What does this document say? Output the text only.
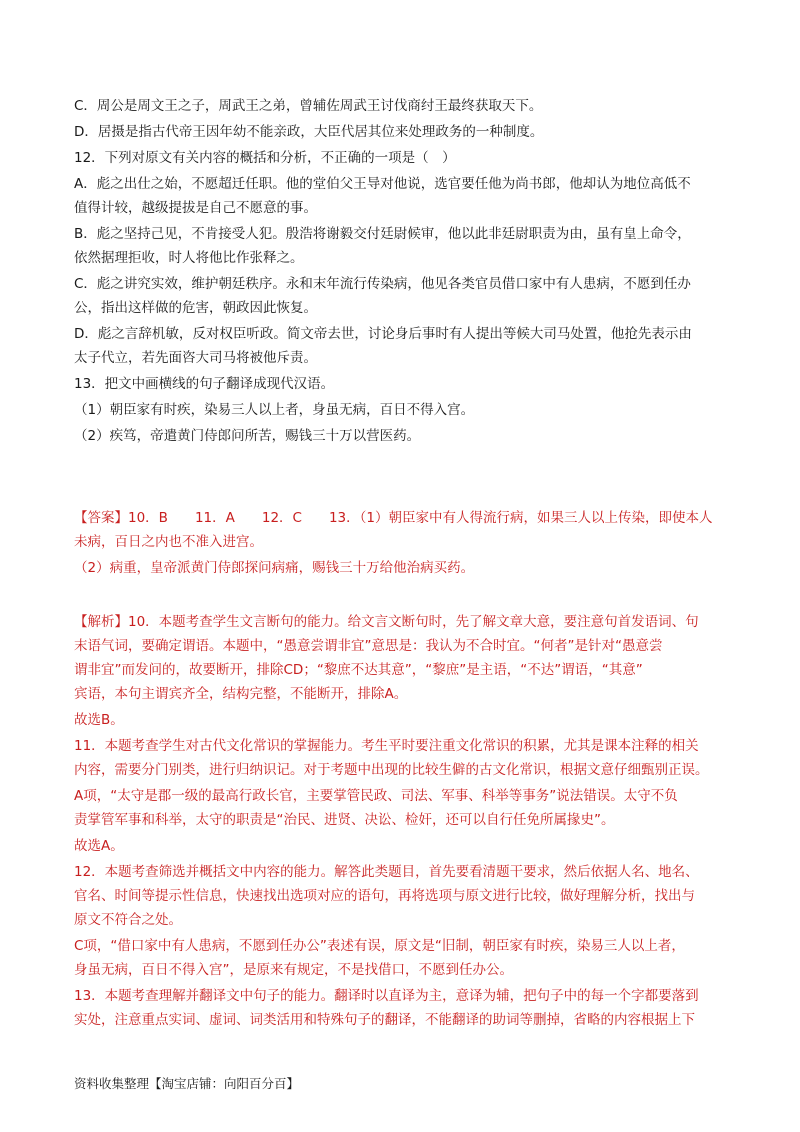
C．周公是周文王之子，周武王之弟，曾辅佐周武王讨伐商纣王最终获取天下。
D．居摄是指古代帝王因年幼不能亲政，大臣代居其位来处理政务的一种制度。
12．下列对原文有关内容的概括和分析，不正确的一项是（　）
A．彪之出仕之始，不愿超迁任职。他的堂伯父王导对他说，选官要任他为尚书郎，他却认为地位高低不
值得计较，越级提拔是自己不愿意的事。
B．彪之坚持己见，不肯接受人犯。殷浩将谢毅交付廷尉候审，他以此非廷尉职责为由，虽有皇上命令，
依然据理拒收，时人将他比作张释之。
C．彪之讲究实效，维护朝廷秩序。永和末年流行传染病，他见各类官员借口家中有人患病，不愿到任办
公，指出这样做的危害，朝政因此恢复。
D．彪之言辞机敏，反对权臣听政。简文帝去世，讨论身后事时有人提出等候大司马处置，他抢先表示由
太子代立，若先面咨大司马将被他斥责。
13．把文中画横线的句子翻译成现代汉语。
（1）朝臣家有时疾，染易三人以上者，身虽无病，百日不得入宫。
（2）疾笃，帝遣黄门侍郎问所苦，赐钱三十万以营医药。
【答案】10．B　　11．A　　12．C　　13．（1）朝臣家中有人得流行病，如果三人以上传染，即使本人
未病，百日之内也不准入进宫。
（2）病重，皇帝派黄门侍郎探问病痛，赐钱三十万给他治病买药。
【解析】10．本题考查学生文言断句的能力。给文言文断句时，先了解文章大意，要注意句首发语词、句
末语气词，要确定谓语。本题中，“愚意尝谓非宜”意思是：我认为不合时宜。“何者”是针对“愚意尝
谓非宜”而发问的，故要断开，排除CD；“黎庶不达其意”，“黎庶”是主语，“不达”谓语，“其意”
宾语，本句主谓宾齐全，结构完整，不能断开，排除A。
故选B。
11．本题考查学生对古代文化常识的掌握能力。考生平时要注重文化常识的积累，尤其是课本注释的相关
内容，需要分门别类，进行归纳识记。对于考题中出现的比较生僻的古文化常识，根据文意仔细甄别正误。
A项，“太守是郡一级的最高行政长官，主要掌管民政、司法、军事、科举等事务”说法错误。太守不负
责掌管军事和科举，太守的职责是“治民、进贤、决讼、检奸，还可以自行任免所属掾史”。
故选A。
12．本题考查筛选并概括文中内容的能力。解答此类题目，首先要看清题干要求，然后依据人名、地名、
官名、时间等提示性信息，快速找出选项对应的语句，再将选项与原文进行比较，做好理解分析，找出与
原文不符合之处。
C项，“借口家中有人患病，不愿到任办公”表述有误，原文是“旧制，朝臣家有时疾，染易三人以上者，
身虽无病，百日不得入宫”，是原来有规定，不是找借口，不愿到任办公。
13．本题考查理解并翻译文中句子的能力。翻译时以直译为主，意译为辅，把句子中的每一个字都要落到
实处，注意重点实词、虚词、词类活用和特殊句子的翻译，不能翻译的助词等删掉，省略的内容根据上下
资料收集整理【淘宝店铺：向阳百分百】
